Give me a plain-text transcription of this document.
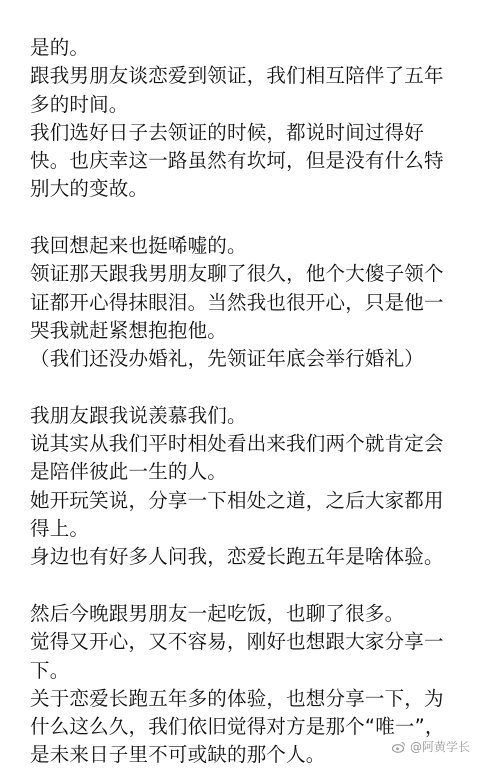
是的。
跟我男朋友谈恋爱到领证，我们相互陪伴了五年
多的时间。
我们选好日子去领证的时候，都说时间过得好
快。也庆幸这一路虽然有坎坷，但是没有什么特
别大的变故。
我回想起来也挺唏嘘的。
领证那天跟我男朋友聊了很久，他个大傻子领个
证都开心得抹眼泪。当然我也很开心，只是他一
哭我就赶紧想抱抱他。
（我们还没办婚礼，先领证年底会举行婚礼）
我朋友跟我说羡慕我们。
说其实从我们平时相处看出来我们两个就肯定会
是陪伴彼此一生的人。
她开玩笑说，分享一下相处之道，之后大家都用
得上。
身边也有好多人问我，恋爱长跑五年是啥体验。
然后今晚跟男朋友一起吃饭，也聊了很多。
觉得又开心，又不容易，刚好也想跟大家分享一
下。
关于恋爱长跑五年多的体验，也想分享一下，为
什么这么久，我们依旧觉得对方是那个“唯一”，
是未来日子里不可或缺的那个人。	@阿黄学长
